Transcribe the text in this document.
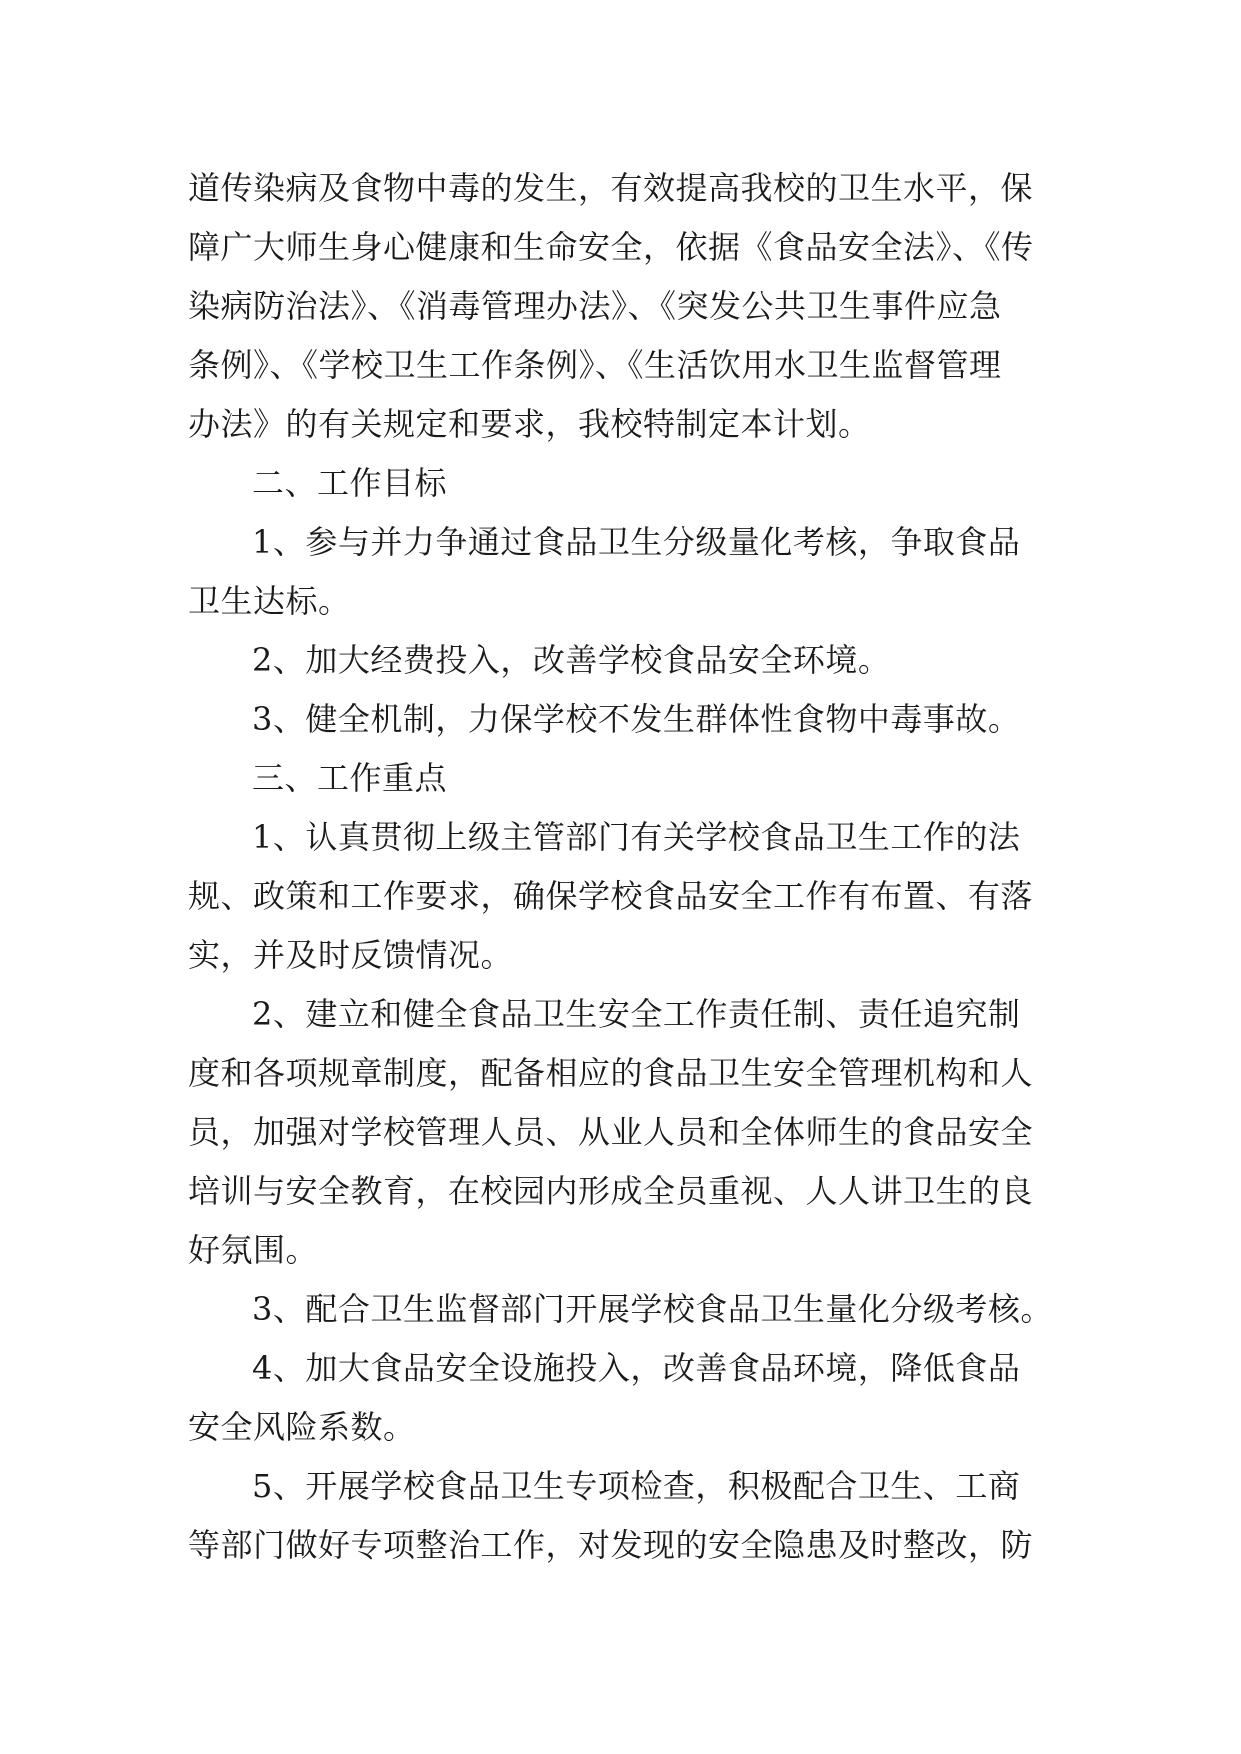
道传染病及食物中毒的发生，有效提高我校的卫生水平，保
障广大师生身心健康和生命安全，依据《食品安全法》、《传
染病防治法》、《消毒管理办法》、《突发公共卫生事件应急
条例》、《学校卫生工作条例》、《生活饮用水卫生监督管理
办法》的有关规定和要求，我校特制定本计划。
二、工作目标
1、参与并力争通过食品卫生分级量化考核，争取食品
卫生达标。
2、加大经费投入，改善学校食品安全环境。
3、健全机制，力保学校不发生群体性食物中毒事故。
三、工作重点
1、认真贯彻上级主管部门有关学校食品卫生工作的法
规、政策和工作要求，确保学校食品安全工作有布置、有落
实，并及时反馈情况。
2、建立和健全食品卫生安全工作责任制、责任追究制
度和各项规章制度，配备相应的食品卫生安全管理机构和人
员，加强对学校管理人员、从业人员和全体师生的食品安全
培训与安全教育，在校园内形成全员重视、人人讲卫生的良
好氛围。
3、配合卫生监督部门开展学校食品卫生量化分级考核。
4、加大食品安全设施投入，改善食品环境，降低食品
安全风险系数。
5、开展学校食品卫生专项检查，积极配合卫生、工商
等部门做好专项整治工作，对发现的安全隐患及时整改，防
